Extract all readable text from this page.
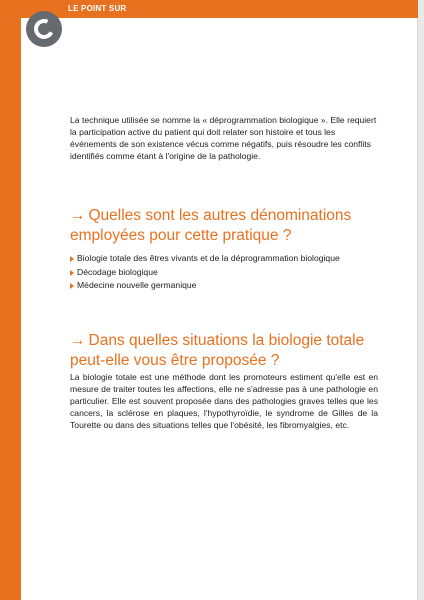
LE POINT SUR

La technique utilisée se nomme la « déprogrammation biologique ». Elle requiert la participation active du patient qui doit relater son histoire et tous les événements de son existence vécus comme négatifs, puis résoudre les conflits identifiés comme étant à l'origine de la pathologie.

→ Quelles sont les autres dénominations employées pour cette pratique ?
Biologie totale des êtres vivants et de la déprogrammation biologique
Décodage biologique
Médecine nouvelle germanique
→ Dans quelles situations la biologie totale peut-elle vous être proposée ?

La biologie totale est une méthode dont les promoteurs estiment qu'elle est en mesure de traiter toutes les affections, elle ne s'adresse pas à une pathologie en particulier. Elle est souvent proposée dans des pathologies graves telles que les cancers, la sclérose en plaques, l'hypothyroïdie, le syndrome de Gilles de la Tourette ou dans des situations telles que l'obésité, les fibromyalgies, etc.
